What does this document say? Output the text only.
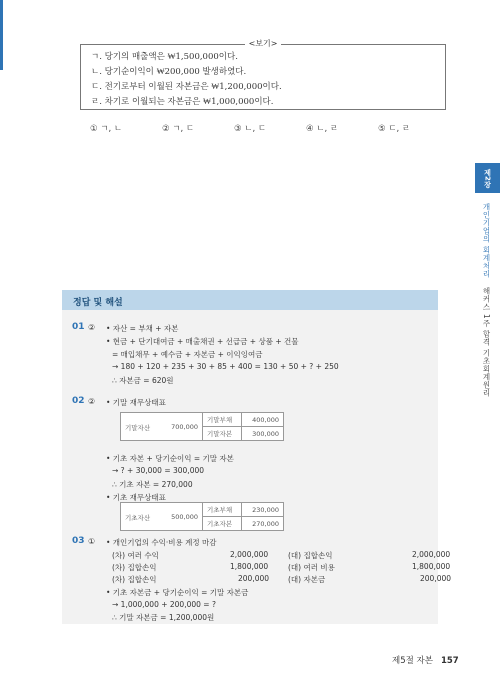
<보기>
ㄱ. 당기의 매출액은 ₩1,500,000이다.
ㄴ. 당기순이익이 ₩200,000 발생하였다.
ㄷ. 전기로부터 이월된 자본금은 ₩1,200,000이다.
ㄹ. 차기로 이월되는 자본금은 ₩1,000,000이다.
① ㄱ, ㄴ	② ㄱ, ㄷ	③ ㄴ, ㄷ	④ ㄴ, ㄹ	⑤ ㄷ, ㄹ
제2장
개인기업의 회계처리
해커스 1주 합격 기초회계원리
정답 및 해설
01 ② • 자산 = 부채 + 자본
• 현금 + 단기대여금 + 매출채권 + 선급금 + 상품 + 건물
= 매입채무 + 예수금 + 자본금 + 이익잉여금
→ 180 + 120 + 235 + 30 + 85 + 400 = 130 + 50 + ? + 250
∴ 자본금 = 620원
02 ② • 기말 재무상태표
기말자산 700,000	기말부채	400,000
	기말자본	300,000
• 기초 자본 + 당기순이익 = 기말 자본
→ ? + 30,000 = 300,000
∴ 기초 자본 = 270,000
• 기초 재무상태표
기초자산 500,000	기초부채	230,000
	기초자본	270,000
03 ① • 개인기업의 수익·비용 계정 마감
(차) 여러 수익	2,000,000	(대) 집합손익	2,000,000
(차) 집합손익	1,800,000	(대) 여러 비용	1,800,000
(차) 집합손익	200,000	(대) 자본금	200,000
• 기초 자본금 + 당기순이익 = 기말 자본금
→ 1,000,000 + 200,000 = ?
∴ 기말 자본금 = 1,200,000원
제5절 자본 157
